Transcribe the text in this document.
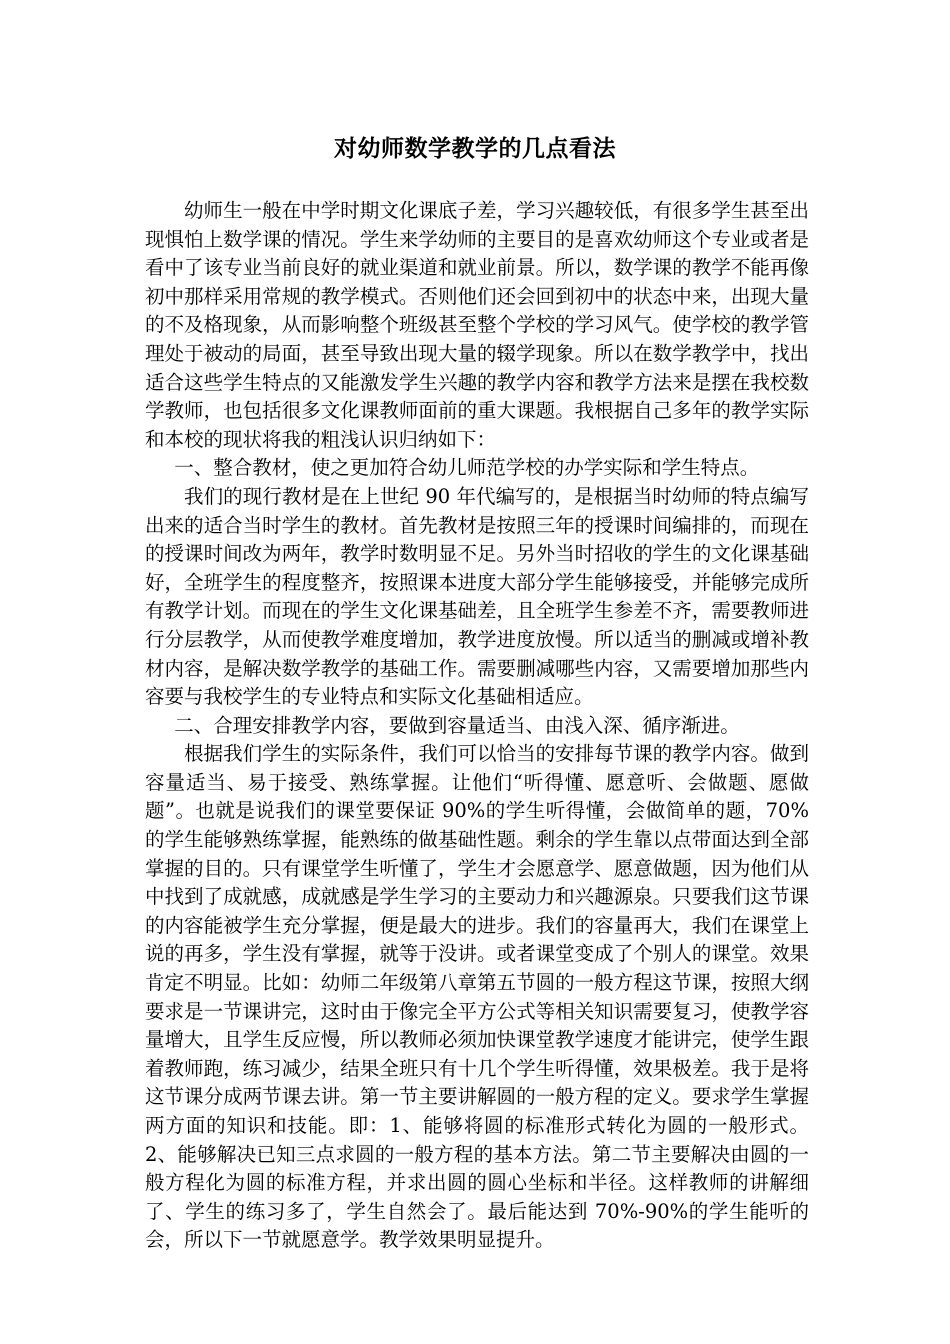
对幼师数学教学的几点看法

幼师生一般在中学时期文化课底子差，学习兴趣较低，有很多学生甚至出现惧怕上数学课的情况。学生来学幼师的主要目的是喜欢幼师这个专业或者是看中了该专业当前良好的就业渠道和就业前景。所以，数学课的教学不能再像初中那样采用常规的教学模式。否则他们还会回到初中的状态中来，出现大量的不及格现象，从而影响整个班级甚至整个学校的学习风气。使学校的教学管理处于被动的局面，甚至导致出现大量的辍学现象。所以在数学教学中，找出适合这些学生特点的又能激发学生兴趣的教学内容和教学方法来是摆在我校数学教师，也包括很多文化课教师面前的重大课题。我根据自己多年的教学实际和本校的现状将我的粗浅认识归纳如下：

一、整合教材，使之更加符合幼儿师范学校的办学实际和学生特点。

我们的现行教材是在上世纪 90 年代编写的，是根据当时幼师的特点编写出来的适合当时学生的教材。首先教材是按照三年的授课时间编排的，而现在的授课时间改为两年，教学时数明显不足。另外当时招收的学生的文化课基础好，全班学生的程度整齐，按照课本进度大部分学生能够接受，并能够完成所有教学计划。而现在的学生文化课基础差，且全班学生参差不齐，需要教师进行分层教学，从而使教学难度增加，教学进度放慢。所以适当的删减或增补教材内容，是解决数学教学的基础工作。需要删减哪些内容，又需要增加那些内容要与我校学生的专业特点和实际文化基础相适应。

二、合理安排教学内容，要做到容量适当、由浅入深、循序渐进。

根据我们学生的实际条件，我们可以恰当的安排每节课的教学内容。做到容量适当、易于接受、熟练掌握。让他们“听得懂、愿意听、会做题、愿做题”。也就是说我们的课堂要保证 90%的学生听得懂，会做简单的题，70%的学生能够熟练掌握，能熟练的做基础性题。剩余的学生靠以点带面达到全部掌握的目的。只有课堂学生听懂了，学生才会愿意学、愿意做题，因为他们从中找到了成就感，成就感是学生学习的主要动力和兴趣源泉。只要我们这节课的内容能被学生充分掌握，便是最大的进步。我们的容量再大，我们在课堂上说的再多，学生没有掌握，就等于没讲。或者课堂变成了个别人的课堂。效果肯定不明显。比如：幼师二年级第八章第五节圆的一般方程这节课，按照大纲要求是一节课讲完，这时由于像完全平方公式等相关知识需要复习，使教学容量增大，且学生反应慢，所以教师必须加快课堂教学速度才能讲完，使学生跟着教师跑，练习减少，结果全班只有十几个学生听得懂，效果极差。我于是将这节课分成两节课去讲。第一节主要讲解圆的一般方程的定义。要求学生掌握两方面的知识和技能。即：1、能够将圆的标准形式转化为圆的一般形式。2、能够解决已知三点求圆的一般方程的基本方法。第二节主要解决由圆的一般方程化为圆的标准方程，并求出圆的圆心坐标和半径。这样教师的讲解细了、学生的练习多了，学生自然会了。最后能达到 70%-90%的学生能听的会，所以下一节就愿意学。教学效果明显提升。
